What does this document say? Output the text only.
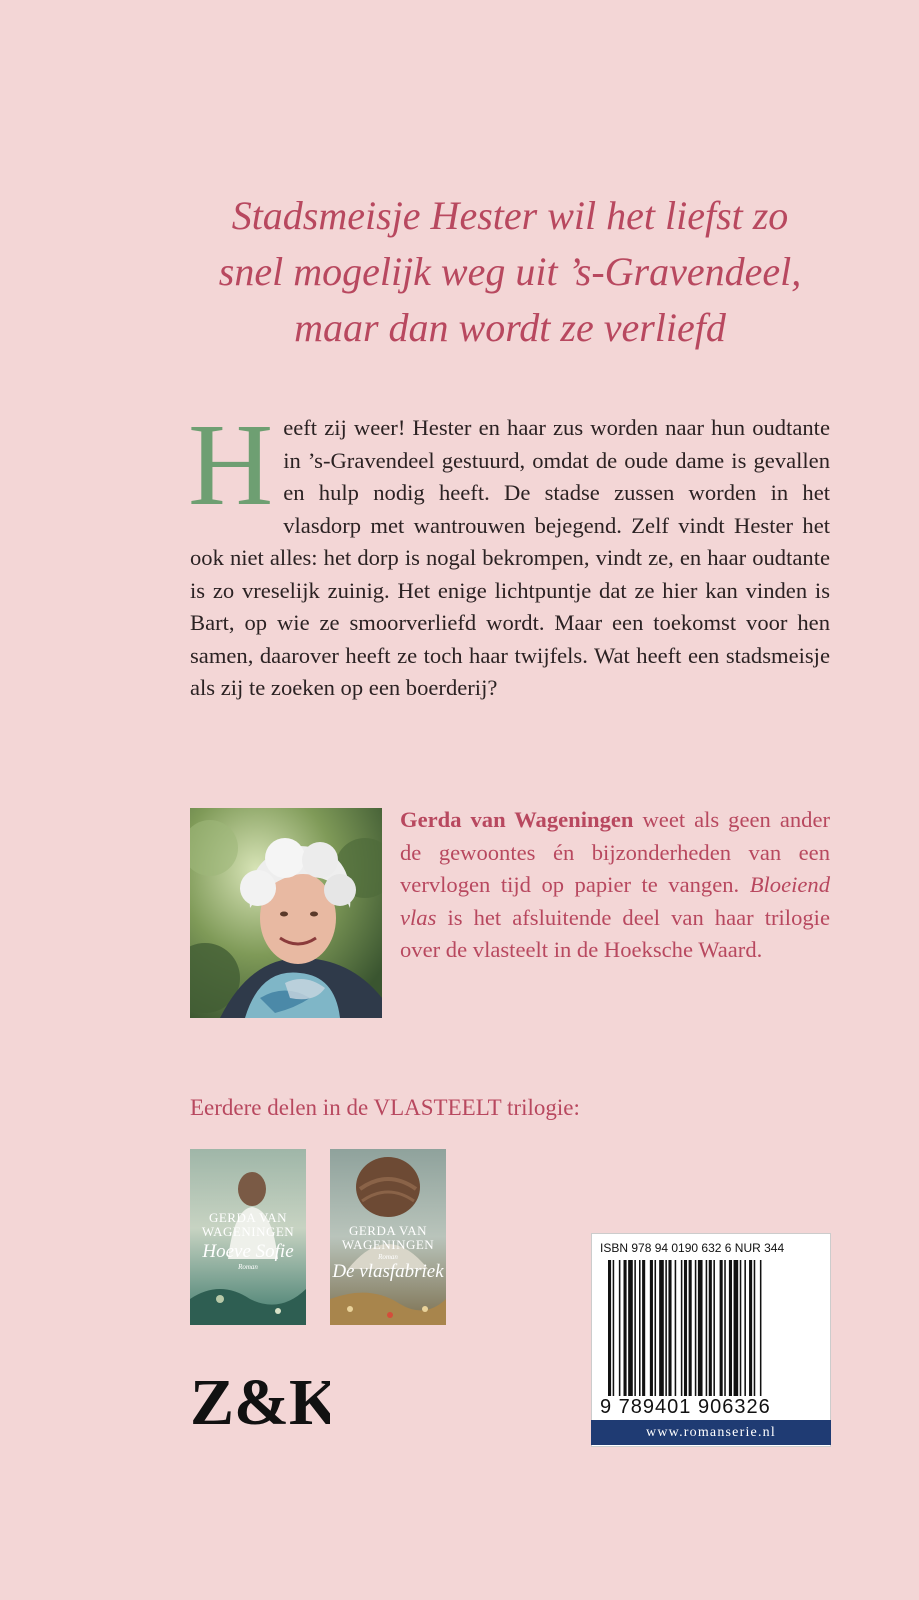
Stadsmeisje Hester wil het liefst zo
snel mogelijk weg uit ’s-Gravendeel,
maar dan wordt ze verliefd
Heeft zij weer! Hester en haar zus worden naar hun oudtante in ’s-Gravendeel gestuurd, omdat de oude dame is gevallen en hulp nodig heeft. De stadse zussen worden in het vlasdorp met wantrouwen bejegend. Zelf vindt Hester het ook niet alles: het dorp is nogal bekrompen, vindt ze, en haar oudtante is zo vreselijk zuinig. Het enige lichtpuntje dat ze hier kan vinden is Bart, op wie ze smoorverliefd wordt. Maar een toekomst voor hen samen, daarover heeft ze toch haar twijfels. Wat heeft een stadsmeisje als zij te zoeken op een boerderij?
Gerda van Wageningen weet als geen ander de gewoontes én bijzonderheden van een vervlogen tijd op papier te vangen. Bloeiend vlas is het afsluitende deel van haar trilogie over de vlasteelt in de Hoeksche Waard.
Eerdere delen in de VLASTEELT trilogie:
GERDA VAN
WAGENINGEN
Hoeve Sofie
Roman
GERDA VAN
WAGENINGEN
Roman
De vlasfabriek
Z&K
ISBN 978 94 0190 632 6 NUR 344
9 789401 906326
www.romanserie.nl
